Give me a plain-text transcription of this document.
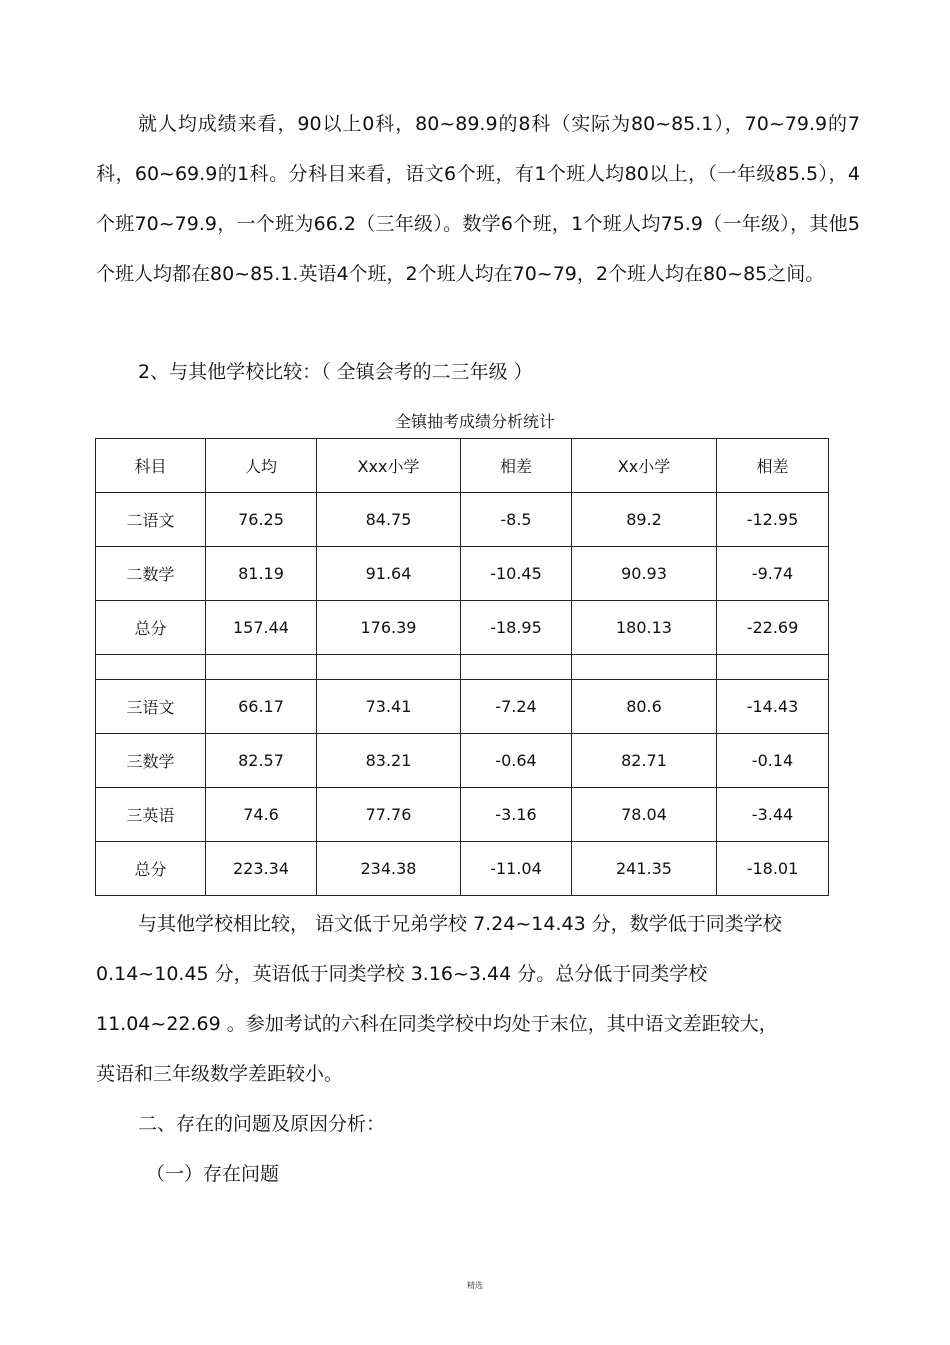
就人均成绩来看，90以上0科，80~89.9的8科（实际为80~85.1），70~79.9的7科，60~69.9的1科。分科目来看，语文6个班，有1个班人均80以上，（一年级85.5），4个班70~79.9，一个班为66.2（三年级）。数学6个班，1个班人均75.9（一年级），其他5个班人均都在80~85.1.英语4个班，2个班人均在70~79，2个班人均在80~85之间。

2、与其他学校比较：（ 全镇会考的二三年级 ）

全镇抽考成绩分析统计
科目	人均	Xxx小学	相差	Xx小学	相差
二语文	76.25	84.75	-8.5	89.2	-12.95
二数学	81.19	91.64	-10.45	90.93	-9.74
总分	157.44	176.39	-18.95	180.13	-22.69

三语文	66.17	73.41	-7.24	80.6	-14.43
三数学	82.57	83.21	-0.64	82.71	-0.14
三英语	74.6	77.76	-3.16	78.04	-3.44
总分	223.34	234.38	-11.04	241.35	-18.01

与其他学校相比较， 语文低于兄弟学校 7.24~14.43 分，数学低于同类学校

0.14~10.45 分，英语低于同类学校 3.16~3.44 分。总分低于同类学校

11.04~22.69 。参加考试的六科在同类学校中均处于末位，其中语文差距较大，

英语和三年级数学差距较小。

二、存在的问题及原因分析：

（一）存在问题

精选
